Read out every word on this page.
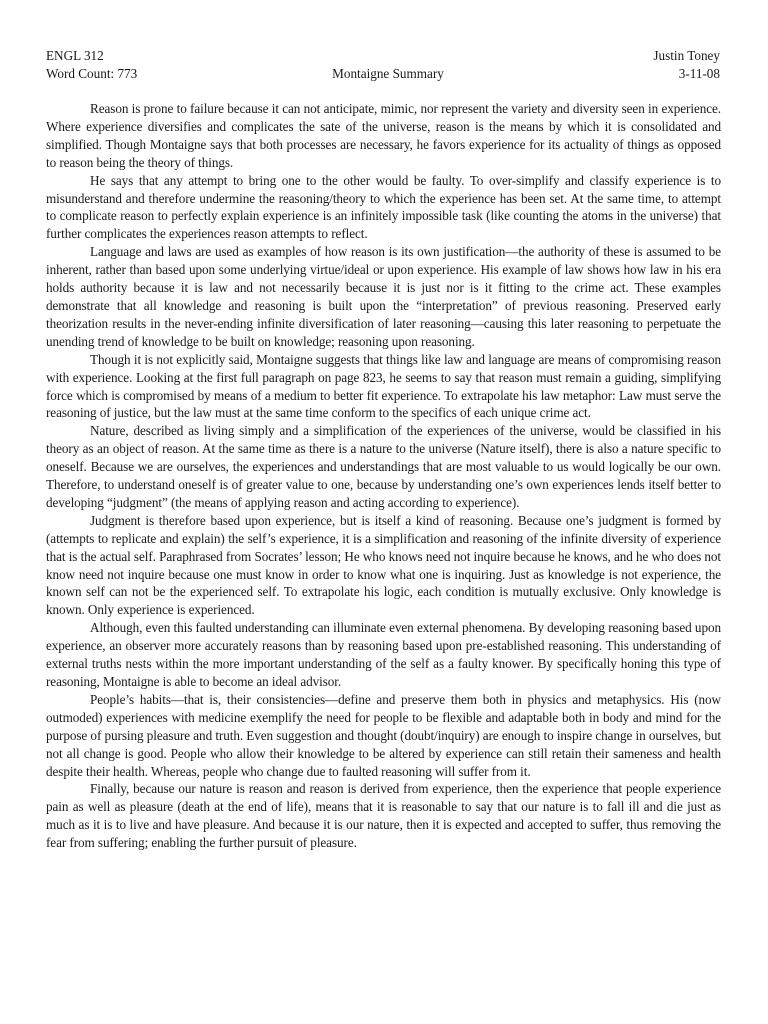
ENGL 312
Word Count: 773	Montaigne Summary
Justin Toney
3-11-08

Reason is prone to failure because it can not anticipate, mimic, nor represent the variety and diversity seen in experience. Where experience diversifies and complicates the sate of the universe, reason is the means by which it is consolidated and simplified. Though Montaigne says that both processes are necessary, he favors experience for its actuality of things as opposed to reason being the theory of things.

He says that any attempt to bring one to the other would be faulty. To over-simplify and classify experience is to misunderstand and therefore undermine the reasoning/theory to which the experience has been set. At the same time, to attempt to complicate reason to perfectly explain experience is an infinitely impossible task (like counting the atoms in the universe) that further complicates the experiences reason attempts to reflect.

Language and laws are used as examples of how reason is its own justification—the authority of these is assumed to be inherent, rather than based upon some underlying virtue/ideal or upon experience. His example of law shows how law in his era holds authority because it is law and not necessarily because it is just nor is it fitting to the crime act. These examples demonstrate that all knowledge and reasoning is built upon the “interpretation” of previous reasoning. Preserved early theorization results in the never-ending infinite diversification of later reasoning—causing this later reasoning to perpetuate the unending trend of knowledge to be built on knowledge; reasoning upon reasoning.

Though it is not explicitly said, Montaigne suggests that things like law and language are means of compromising reason with experience. Looking at the first full paragraph on page 823, he seems to say that reason must remain a guiding, simplifying force which is compromised by means of a medium to better fit experience. To extrapolate his law metaphor: Law must serve the reasoning of justice, but the law must at the same time conform to the specifics of each unique crime act.

Nature, described as living simply and a simplification of the experiences of the universe, would be classified in his theory as an object of reason. At the same time as there is a nature to the universe (Nature itself), there is also a nature specific to oneself. Because we are ourselves, the experiences and understandings that are most valuable to us would logically be our own. Therefore, to understand oneself is of greater value to one, because by understanding one’s own experiences lends itself better to developing “judgment” (the means of applying reason and acting according to experience).

Judgment is therefore based upon experience, but is itself a kind of reasoning. Because one’s judgment is formed by (attempts to replicate and explain) the self’s experience, it is a simplification and reasoning of the infinite diversity of experience that is the actual self. Paraphrased from Socrates’ lesson; He who knows need not inquire because he knows, and he who does not know need not inquire because one must know in order to know what one is inquiring. Just as knowledge is not experience, the known self can not be the experienced self. To extrapolate his logic, each condition is mutually exclusive. Only knowledge is known. Only experience is experienced.

Although, even this faulted understanding can illuminate even external phenomena. By developing reasoning based upon experience, an observer more accurately reasons than by reasoning based upon pre-established reasoning. This understanding of external truths nests within the more important understanding of the self as a faulty knower. By specifically honing this type of reasoning, Montaigne is able to become an ideal advisor.

People’s habits—that is, their consistencies—define and preserve them both in physics and metaphysics. His (now outmoded) experiences with medicine exemplify the need for people to be flexible and adaptable both in body and mind for the purpose of pursing pleasure and truth. Even suggestion and thought (doubt/inquiry) are enough to inspire change in ourselves, but not all change is good. People who allow their knowledge to be altered by experience can still retain their sameness and health despite their health. Whereas, people who change due to faulted reasoning will suffer from it.

Finally, because our nature is reason and reason is derived from experience, then the experience that people experience pain as well as pleasure (death at the end of life), means that it is reasonable to say that our nature is to fall ill and die just as much as it is to live and have pleasure. And because it is our nature, then it is expected and accepted to suffer, thus removing the fear from suffering; enabling the further pursuit of pleasure.
